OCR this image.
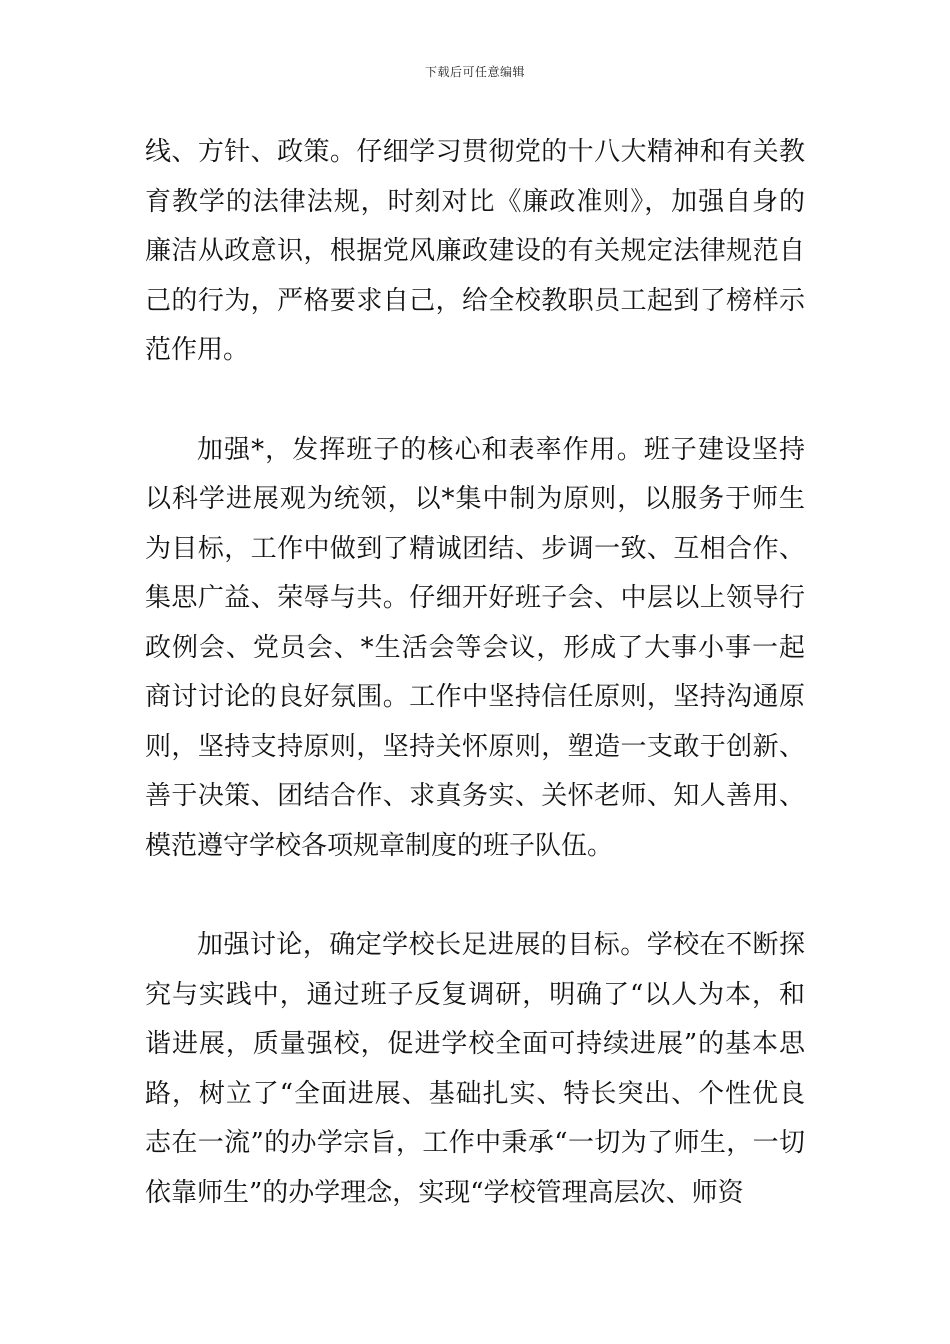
下载后可任意编辑

线、方针、政策。仔细学习贯彻党的十八大精神和有关教育教学的法律法规，时刻对比《廉政准则》，加强自身的廉洁从政意识，根据党风廉政建设的有关规定法律规范自己的行为，严格要求自己，给全校教职员工起到了榜样示范作用。

加强*，发挥班子的核心和表率作用。班子建设坚持以科学进展观为统领，以*集中制为原则，以服务于师生为目标，工作中做到了精诚团结、步调一致、互相合作、集思广益、荣辱与共。仔细开好班子会、中层以上领导行政例会、党员会、*生活会等会议，形成了大事小事一起商讨讨论的良好氛围。工作中坚持信任原则，坚持沟通原则，坚持支持原则，坚持关怀原则，塑造一支敢于创新、善于决策、团结合作、求真务实、关怀老师、知人善用、模范遵守学校各项规章制度的班子队伍。

加强讨论，确定学校长足进展的目标。学校在不断探究与实践中，通过班子反复调研，明确了“以人为本，和谐进展，质量强校，促进学校全面可持续进展”的基本思路，树立了“全面进展、基础扎实、特长突出、个性优良志在一流”的办学宗旨，工作中秉承“一切为了师生，一切依靠师生”的办学理念，实现“学校管理高层次、师资
